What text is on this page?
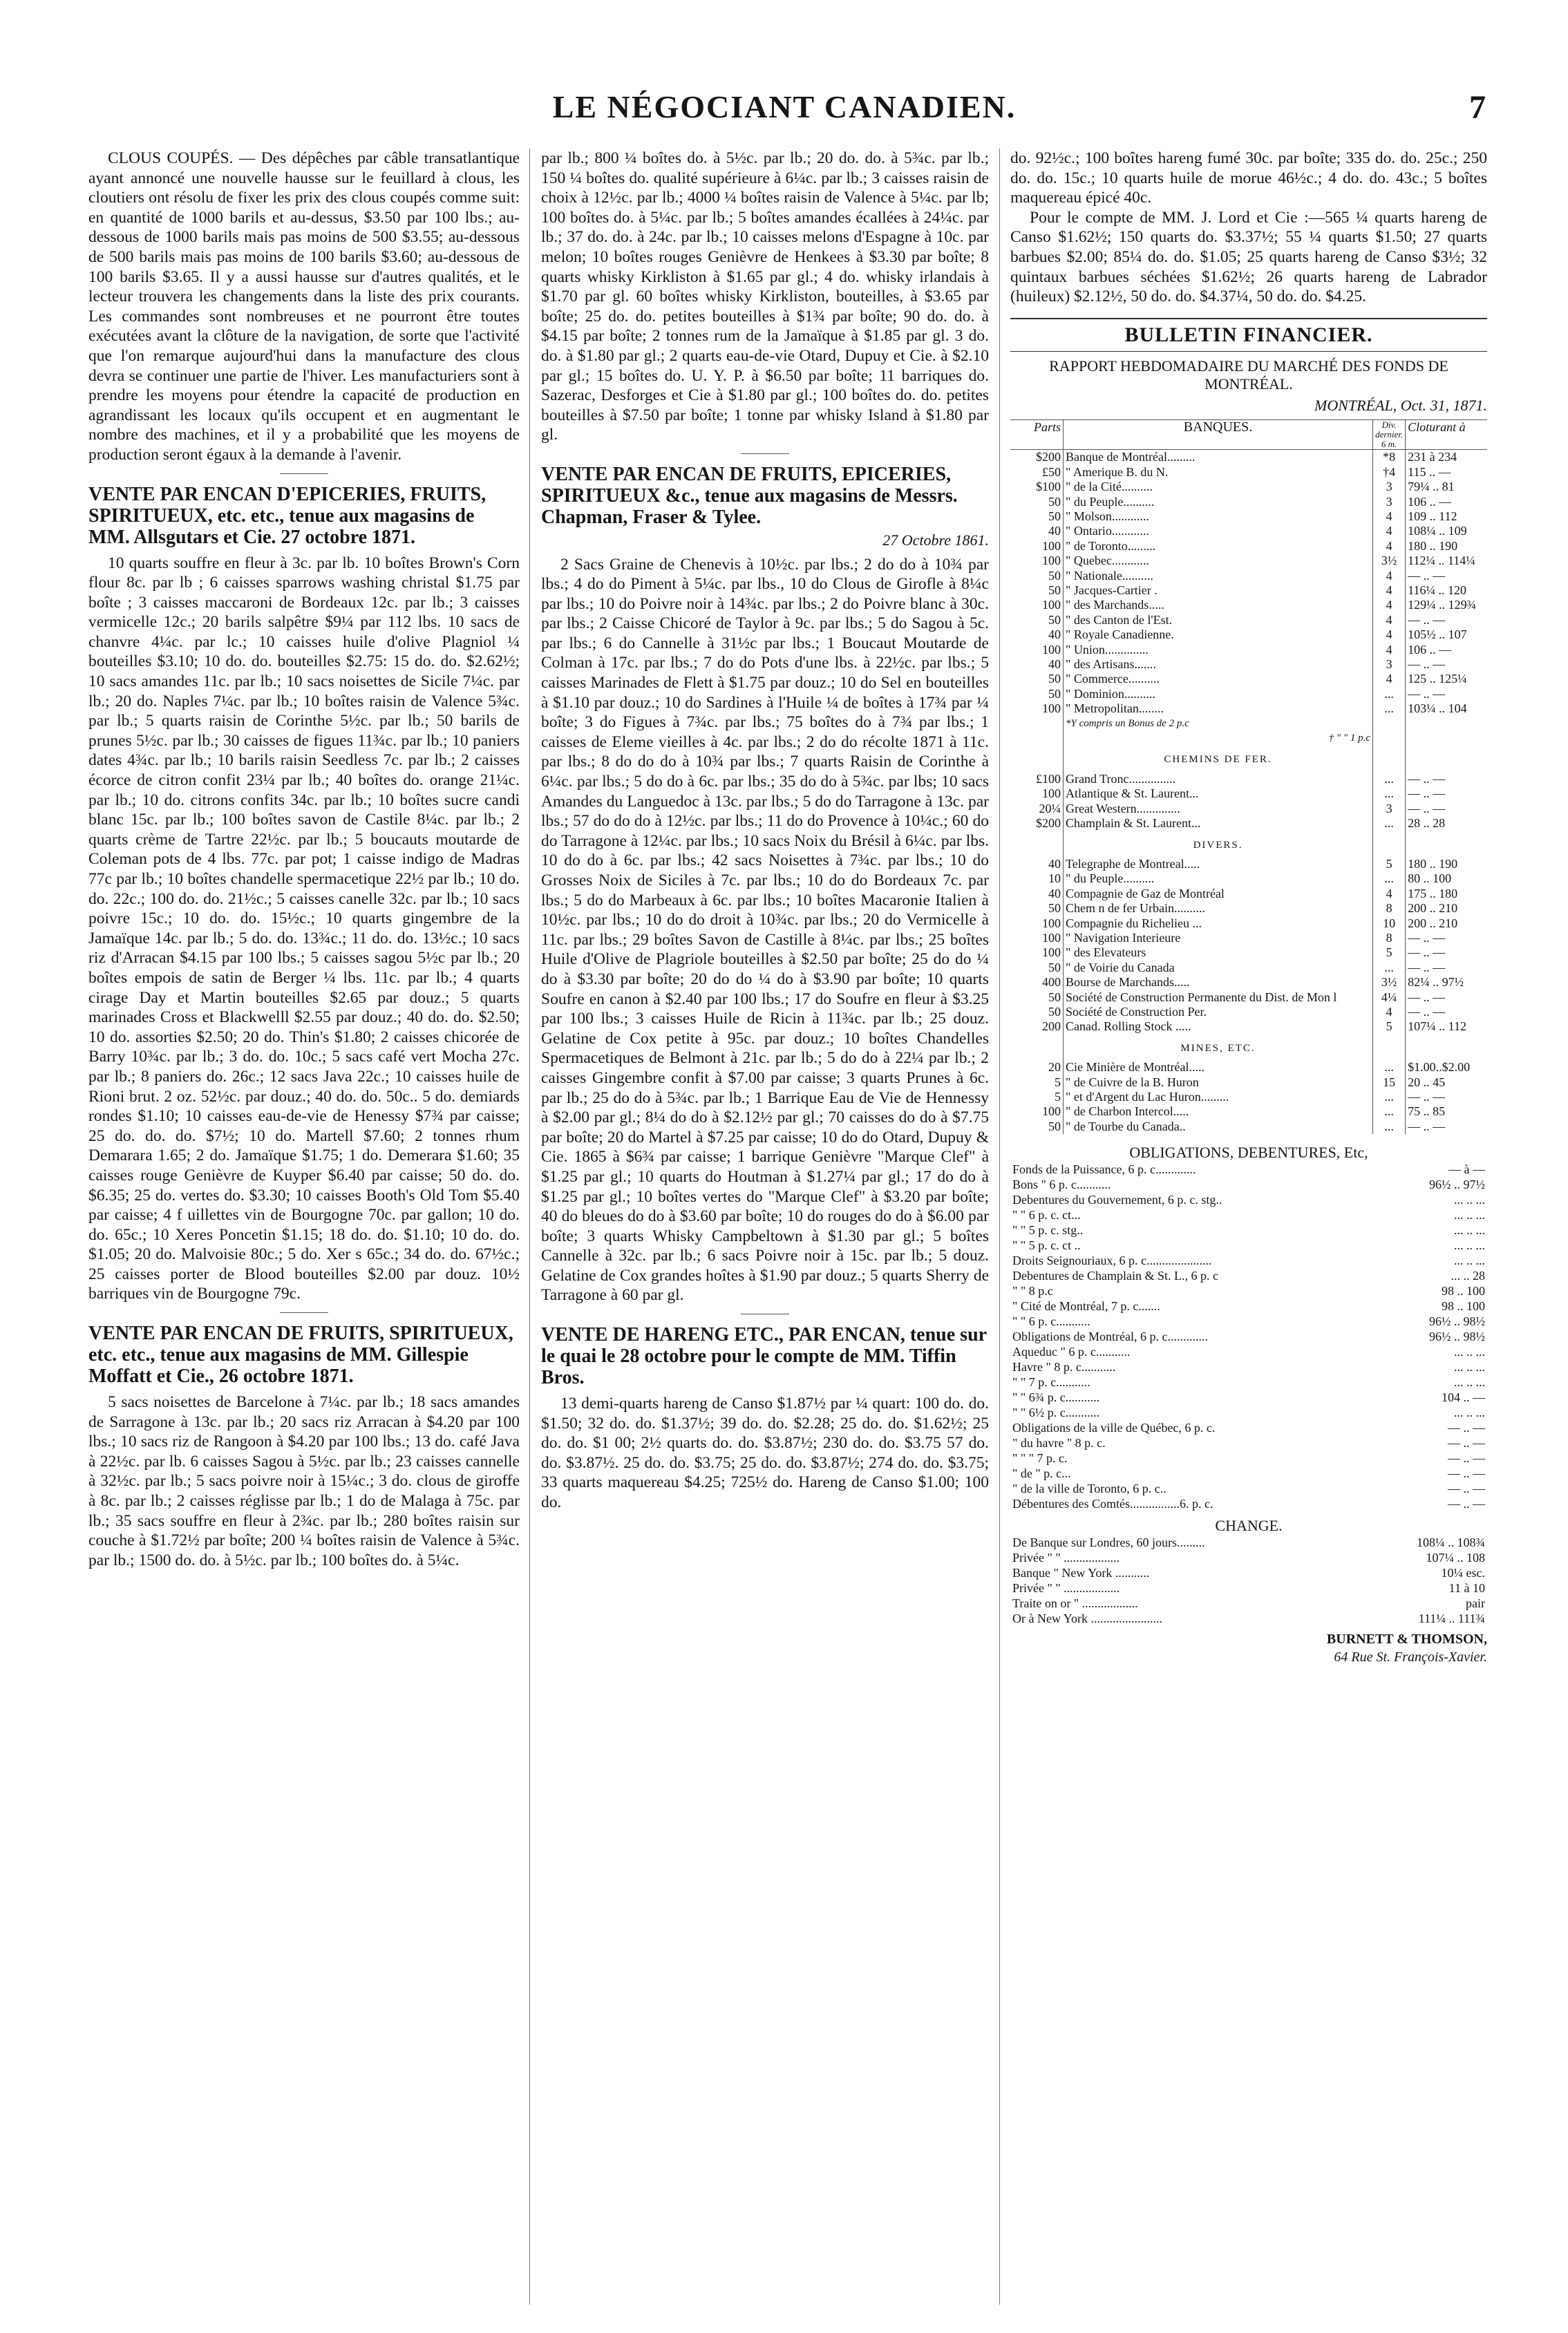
LE NÉGOCIANT CANADIEN.	7

CLOUS COUPÉS. — Des dépêches par câble transatlantique ayant annoncé une nouvelle hausse sur le feuillard à clous, les cloutiers ont résolu de fixer les prix des clous coupés comme suit: en quantité de 1000 barils et au-dessus, $3.50 par 100 lbs.; au-dessous de 1000 barils mais pas moins de 500 $3.55; au-dessous de 500 barils mais pas moins de 100 barils $3.60; au-dessous de 100 barils $3.65. Il y a aussi hausse sur d'autres qualités, et le lecteur trouvera les changements dans la liste des prix courants. Les commandes sont nombreuses et ne pourront être toutes exécutées avant la clôture de la navigation, de sorte que l'activité que l'on remarque aujourd'hui dans la manufacture des clous devra se continuer une partie de l'hiver. Les manufacturiers sont à prendre les moyens pour étendre la capacité de production en agrandissant les locaux qu'ils occupent et en augmentant le nombre des machines, et il y a probabilité que les moyens de production seront égaux à la demande à l'avenir.

VENTE PAR ENCAN D'EPICERIES, FRUITS, SPIRITUEUX, etc. etc., tenue aux magasins de MM. Allsgutars et Cie. 27 octobre 1871.

10 quarts souffre en fleur à 3c. par lb. 10 boîtes Brown's Corn flour 8c. par lb ; 6 caisses sparrows washing christal $1.75 par boîte ; 3 caisses maccaroni de Bordeaux 12c. par lb.; 3 caisses vermicelle 12c.; 20 barils salpêtre $9¼ par 112 lbs. 10 sacs de chanvre 4¼c. par lc.; 10 caisses huile d'olive Plagniol ¼ bouteilles $3.10; 10 do. do. bouteilles $2.75: 15 do. do. $2.62½; 10 sacs amandes 11c. par lb.; 10 sacs noisettes de Sicile 7¼c. par lb.; 20 do. Naples 7¼c. par lb.; 10 boîtes raisin de Valence 5¾c. par lb.; 5 quarts raisin de Corinthe 5½c. par lb.; 50 barils de prunes 5½c. par lb.; 30 caisses de figues 11¾c. par lb.; 10 paniers dates 4¾c. par lb.; 10 barils raisin Seedless 7c. par lb.; 2 caisses écorce de citron confit 23¼ par lb.; 40 boîtes do. orange 21¼c. par lb.; 10 do. citrons confits 34c. par lb.; 10 boîtes sucre candi blanc 15c. par lb.; 100 boîtes savon de Castile 8¼c. par lb.; 2 quarts crème de Tartre 22½c. par lb.; 5 boucauts moutarde de Coleman pots de 4 lbs. 77c. par pot; 1 caisse indigo de Madras 77c par lb.; 10 boîtes chandelle spermacetique 22½ par lb.; 10 do. do. 22c.; 100 do. do. 21½c.; 5 caisses canelle 32c. par lb.; 10 sacs poivre 15c.; 10 do. do. 15½c.; 10 quarts gingembre de la Jamaïque 14c. par lb.; 5 do. do. 13¾c.; 11 do. do. 13½c.; 10 sacs riz d'Arracan $4.15 par 100 lbs.; 5 caisses sagou 5½c par lb.; 20 boîtes empois de satin de Berger ¼ lbs. 11c. par lb.; 4 quarts cirage Day et Martin bouteilles $2.65 par douz.; 5 quarts marinades Cross et Blackwelll $2.55 par douz.; 40 do. do. $2.50; 10 do. assorties $2.50; 20 do. Thin's $1.80; 2 caisses chicorée de Barry 10¾c. par lb.; 3 do. do. 10c.; 5 sacs café vert Mocha 27c. par lb.; 8 paniers do. 26c.; 12 sacs Java 22c.; 10 caisses huile de Rioni brut. 2 oz. 52½c. par douz.; 40 do. do. 50c.. 5 do. demiards rondes $1.10; 10 caisses eau-de-vie de Henessy $7¾ par caisse; 25 do. do. do. $7½; 10 do. Martell $7.60; 2 tonnes rhum Demarara 1.65; 2 do. Jamaïque $1.75; 1 do. Demerara $1.60; 35 caisses rouge Genièvre de Kuyper $6.40 par caisse; 50 do. do. $6.35; 25 do. vertes do. $3.30; 10 caisses Booth's Old Tom $5.40 par caisse; 4 f uillettes vin de Bourgogne 70c. par gallon; 10 do. do. 65c.; 10 Xeres Poncetin $1.15; 18 do. do. $1.10; 10 do. do. $1.05; 20 do. Malvoisie 80c.; 5 do. Xer s 65c.; 34 do. do. 67½c.; 25 caisses porter de Blood bouteilles $2.00 par douz. 10½ barriques vin de Bourgogne 79c.

VENTE PAR ENCAN DE FRUITS, SPIRITUEUX, etc. etc., tenue aux magasins de MM. Gillespie Moffatt et Cie., 26 octobre 1871.

5 sacs noisettes de Barcelone à 7¼c. par lb.; 18 sacs amandes de Sarragone à 13c. par lb.; 20 sacs riz Arracan à $4.20 par 100 lbs.; 10 sacs riz de Rangoon à $4.20 par 100 lbs.; 13 do. café Java à 22½c. par lb. 6 caisses Sagou à 5½c. par lb.; 23 caisses cannelle à 32½c. par lb.; 5 sacs poivre noir à 15¼c.; 3 do. clous de giroffe à 8c. par lb.; 2 caisses réglisse par lb.; 1 do de Malaga à 75c. par lb.; 35 sacs souffre en fleur à 2¾c. par lb.; 280 boîtes raisin sur couche à $1.72½ par boîte; 200 ¼ boîtes raisin de Valence à 5¾c. par lb.; 1500 do. do. à 5½c. par lb.; 100 boîtes do. à 5¼c.

par lb.; 800 ¼ boîtes do. à 5½c. par lb.; 20 do. do. à 5¾c. par lb.; 150 ¼ boîtes do. qualité supérieure à 6¼c. par lb.; 3 caisses raisin de choix à 12½c. par lb.; 4000 ¼ boîtes raisin de Valence à 5¼c. par lb; 100 boîtes do. à 5¼c. par lb.; 5 boîtes amandes écallées à 24¼c. par lb.; 37 do. do. à 24c. par lb.; 10 caisses melons d'Espagne à 10c. par melon; 10 boîtes rouges Genièvre de Henkees à $3.30 par boîte; 8 quarts whisky Kirkliston à $1.65 par gl.; 4 do. whisky irlandais à $1.70 par gl. 60 boîtes whisky Kirkliston, bouteilles, à $3.65 par boîte; 25 do. do. petites bouteilles à $1¾ par boîte; 90 do. do. à $4.15 par boîte; 2 tonnes rum de la Jamaïque à $1.85 par gl. 3 do. do. à $1.80 par gl.; 2 quarts eau-de-vie Otard, Dupuy et Cie. à $2.10 par gl.; 15 boîtes do. U. Y. P. à $6.50 par boîte; 11 barriques do. Sazerac, Desforges et Cie à $1.80 par gl.; 100 boîtes do. do. petites bouteilles à $7.50 par boîte; 1 tonne par whisky Island à $1.80 par gl.

VENTE PAR ENCAN DE FRUITS, EPICERIES, SPIRITUEUX &c., tenue aux magasins de Messrs. Chapman, Fraser & Tylee.

27 Octobre 1861.

2 Sacs Graine de Chenevis à 10½c. par lbs.; 2 do do à 10¾ par lbs.; 4 do do Piment à 5¼c. par lbs., 10 do Clous de Girofle à 8¼c par lbs.; 10 do Poivre noir à 14¾c. par lbs.; 2 do Poivre blanc à 30c. par lbs.; 2 Caisse Chicoré de Taylor à 9c. par lbs.; 5 do Sagou à 5c. par lbs.; 6 do Cannelle à 31½c par lbs.; 1 Boucaut Moutarde de Colman à 17c. par lbs.; 7 do do Pots d'une lbs. à 22½c. par lbs.; 5 caisses Marinades de Flett à $1.75 par douz.; 10 do Sel en bouteilles à $1.10 par douz.; 10 do Sardines à l'Huile ¼ de boîtes à 17¾ par ¼ boîte; 3 do Figues à 7¾c. par lbs.; 75 boîtes do à 7¾ par lbs.; 1 caisses de Eleme vieilles à 4c. par lbs.; 2 do do récolte 1871 à 11c. par lbs.; 8 do do do à 10¾ par lbs.; 7 quarts Raisin de Corinthe à 6¼c. par lbs.; 5 do do à 6c. par lbs.; 35 do do à 5¾c. par lbs; 10 sacs Amandes du Languedoc à 13c. par lbs.; 5 do do Tarragone à 13c. par lbs.; 57 do do do à 12½c. par lbs.; 11 do do Provence à 10¼c.; 60 do do Tarragone à 12¼c. par lbs.; 10 sacs Noix du Brésil à 6¼c. par lbs. 10 do do à 6c. par lbs.; 42 sacs Noisettes à 7¾c. par lbs.; 10 do Grosses Noix de Siciles à 7c. par lbs.; 10 do do Bordeaux 7c. par lbs.; 5 do do Marbeaux à 6c. par lbs.; 10 boîtes Macaronie Italien à 10½c. par lbs.; 10 do do droit à 10¾c. par lbs.; 20 do Vermicelle à 11c. par lbs.; 29 boîtes Savon de Castille à 8¼c. par lbs.; 25 boîtes Huile d'Olive de Plagriole bouteilles à $2.50 par boîte; 25 do do ¼ do à $3.30 par boîte; 20 do do ¼ do à $3.90 par boîte; 10 quarts Soufre en canon à $2.40 par 100 lbs.; 17 do Soufre en fleur à $3.25 par 100 lbs.; 3 caisses Huile de Ricin à 11¾c. par lb.; 25 douz. Gelatine de Cox petite à 95c. par douz.; 10 boîtes Chandelles Spermacetiques de Belmont à 21c. par lb.; 5 do do à 22¼ par lb.; 2 caisses Gingembre confit à $7.00 par caisse; 3 quarts Prunes à 6c. par lb.; 25 do do à 5¾c. par lb.; 1 Barrique Eau de Vie de Hennessy à $2.00 par gl.; 8¼ do do à $2.12½ par gl.; 70 caisses do do à $7.75 par boîte; 20 do Martel à $7.25 par caisse; 10 do do Otard, Dupuy & Cie. 1865 à $6¾ par caisse; 1 barrique Genièvre "Marque Clef" à $1.25 par gl.; 10 quarts do Houtman à $1.27¼ par gl.; 17 do do à $1.25 par gl.; 10 boîtes vertes do "Marque Clef" à $3.20 par boîte; 40 do bleues do do à $3.60 par boîte; 10 do rouges do do à $6.00 par boîte; 3 quarts Whisky Campbeltown à $1.30 par gl.; 5 boîtes Cannelle à 32c. par lb.; 6 sacs Poivre noir à 15c. par lb.; 5 douz. Gelatine de Cox grandes hoîtes à $1.90 par douz.; 5 quarts Sherry de Tarragone à 60 par gl.

VENTE DE HARENG ETC., PAR ENCAN, tenue sur le quai le 28 octobre pour le compte de MM. Tiffin Bros.

13 demi-quarts hareng de Canso $1.87½ par ¼ quart: 100 do. do. $1.50; 32 do. do. $1.37½; 39 do. do. $2.28; 25 do. do. $1.62½; 25 do. do. $1 00; 2½ quarts do. do. $3.87½; 230 do. do. $3.75 57 do. do. $3.87½. 25 do. do. $3.75; 25 do. do. $3.87½; 274 do. do. $3.75; 33 quarts maquereau $4.25; 725½ do. Hareng de Canso $1.00; 100 do.

do. 92½c.; 100 boîtes hareng fumé 30c. par boîte; 335 do. do. 25c.; 250 do. do. 15c.; 10 quarts huile de morue 46½c.; 4 do. do. 43c.; 5 boîtes maquereau épicé 40c.

Pour le compte de MM. J. Lord et Cie :—565 ¼ quarts hareng de Canso $1.62½; 150 quarts do. $3.37½; 55 ¼ quarts $1.50; 27 quarts barbues $2.00; 85¼ do. do. $1.05; 25 quarts hareng de Canso $3½; 32 quintaux barbues séchées $1.62½; 26 quarts hareng de Labrador (huileux) $2.12½, 50 do. do. $4.37¼, 50 do. do. $4.25.

BULLETIN FINANCIER.

RAPPORT HEBDOMADAIRE DU MARCHÉ DES FONDS DE MONTRÉAL.

MONTRÉAL, Oct. 31, 1871.

Parts	BANQUES.	Div. dernier. 6 m.	Cloturant à
$200	Banque de Montréal.........	*8	231 à 234
£50	" Amerique B. du N.	†4	115 .. —
$100	" de la Cité..........	3	79¼ .. 81
50	" du Peuple..........	3	106 .. —
50	" Molson............	4	109 .. 112
40	" Ontario............	4	108¼ .. 109
100	" de Toronto.........	4	180 .. 190
100	" Quebec............	3½	112¼ .. 114¼
50	" Nationale..........	4	— .. —
50	" Jacques-Cartier .	4	116¼ .. 120
100	" des Marchands.....	4	129¼ .. 129¾
50	" des Canton de l'Est.	4	— .. —
40	" Royale Canadienne.	4	105½ .. 107
100	" Union..............	4	106 .. —
40	" des Artisans.......	3	— .. —
50	" Commerce..........	4	125 .. 125¼
50	" Dominion..........	...	— .. —
100	" Metropolitan........	...	103¼ .. 104
	*Y compris un Bonus de 2 p.c		
	† " " 1 p.c		
	CHEMINS DE FER.		
£100	Grand Tronc...............	...	— .. —
100	Atlantique & St. Laurent...	...	— .. —
20¼	Great Western..............	3	— .. —
$200	Champlain & St. Laurent...	...	28 .. 28
	DIVERS.		
40	Telegraphe de Montreal.....	5	180 .. 190
10	" du Peuple..........	...	80 .. 100
40	Compagnie de Gaz de Montréal	4	175 .. 180
50	Chem n de fer Urbain..........	8	200 .. 210
100	Compagnie du Richelieu ...	10	200 .. 210
100	" Navigation Interieure	8	— .. —
100	" des Elevateurs	5	— .. —
50	" de Voirie du Canada	...	— .. —
400	Bourse de Marchands.....	3½	82¼ .. 97½
50	Société de Construction Permanente du Dist. de Mon l	4¼	— .. —
50	Société de Construction Per.	4	— .. —
200	Canad. Rolling Stock .....	5	107¼ .. 112
	MINES, ETC.		
20	Cie Minière de Montréal.....	...	$1.00..$2.00
5	" de Cuivre de la B. Huron	15	20 .. 45
5	" et d'Argent du Lac Huron.........	...	— .. —
100	" de Charbon Intercol.....	...	75 .. 85
50	" de Tourbe du Canada..	...	— .. —

OBLIGATIONS, DEBENTURES, Etc,

Fonds de la Puissance, 6 p. c.............	— à —
Bons " 6 p. c...........	96½ .. 97½
Debentures du Gouvernement, 6 p. c. stg..	... .. ...
" " 6 p. c. ct...	... .. ...
" " 5 p. c. stg..	... .. ...
" " 5 p. c. ct ..	... .. ...
Droits Seignouriaux, 6 p. c.....................	... .. ...
Debentures de Champlain & St. L., 6 p. c	... .. 28
" " 8 p.c	98 .. 100
" Cité de Montréal, 7 p. c.......	98 .. 100
" " 6 p. c...........	96½ .. 98½
Obligations de Montréal, 6 p. c.............	96½ .. 98½
Aqueduc " 6 p. c...........	... .. ...
Havre " 8 p. c...........	... .. ...
" " 7 p. c...........	... .. ...
" " 6¾ p. c...........	104 .. —
" " 6½ p. c...........	... .. ...
Obligations de la ville de Québec, 6 p. c.	— .. —
" du havre " 8 p. c.	— .. —
" " " 7 p. c.	— .. —
" de " p. c...	— .. —
" de la ville de Toronto, 6 p. c..	— .. —
Débentures des Comtés................6. p. c.	— .. —

CHANGE.

De Banque sur Londres, 60 jours.........	108¼ .. 108¾
Privée " " ..................	107¼ .. 108
Banque " New York ...........	10¼ esc.
Privée " " ..................	11 à 10
Traite on or " ..................	pair
Or à New York .......................	111¼ .. 111¾

BURNETT & THOMSON,

64 Rue St. François-Xavier.
